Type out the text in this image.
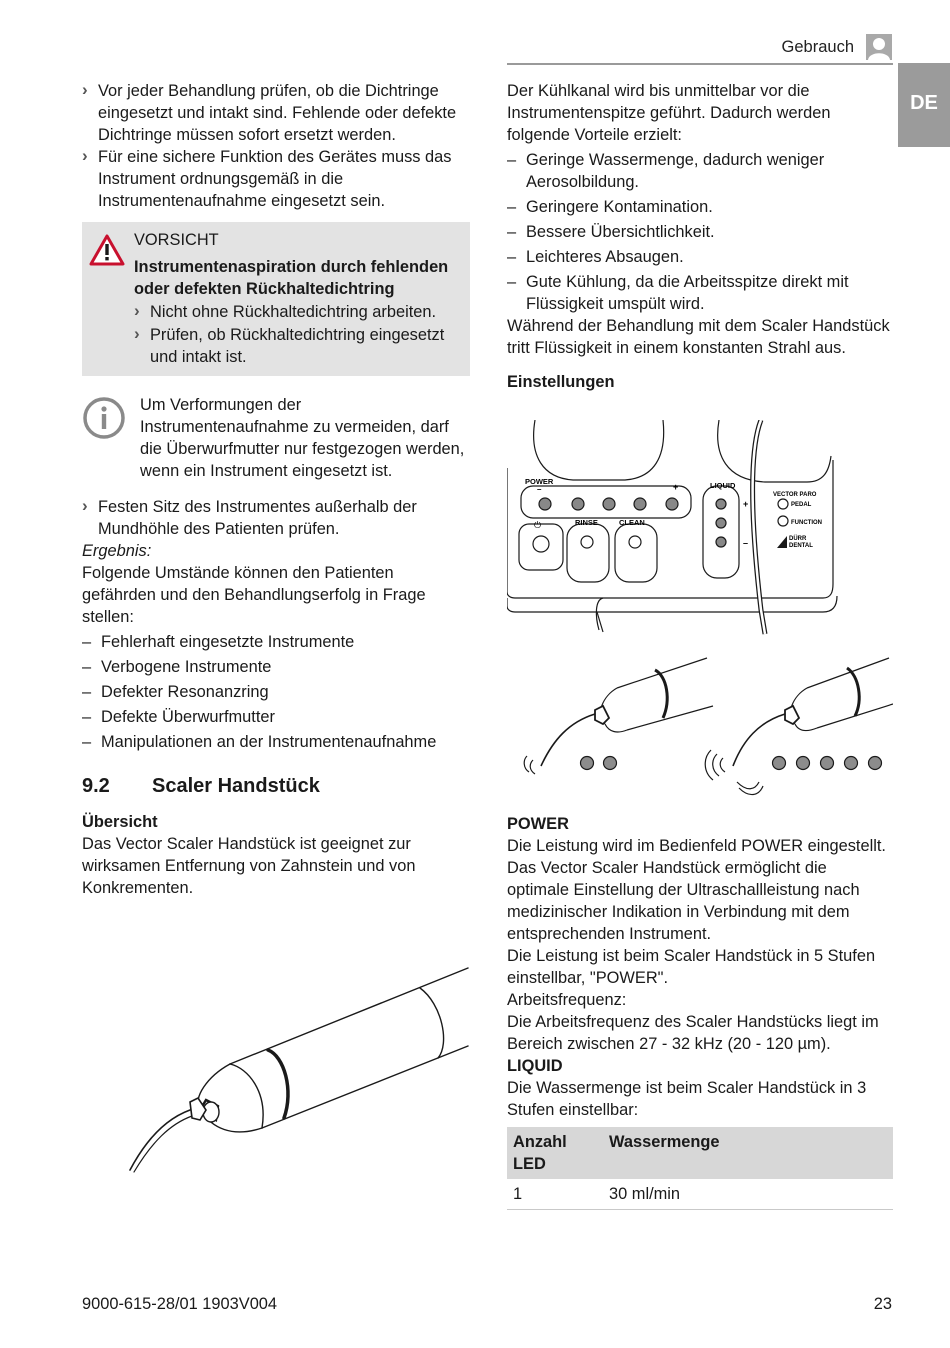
Gebrauch
DE

› Vor jeder Behandlung prüfen, ob die Dichtringe eingesetzt und intakt sind. Fehlende oder defekte Dichtringe müssen sofort ersetzt werden.

› Für eine sichere Funktion des Gerätes muss das Instrument ordnungsgemäß in die Instrumentenaufnahme eingesetzt sein.

VORSICHT
Instrumentenaspiration durch fehlenden oder defekten Rückhaltedichtring
› Nicht ohne Rückhaltedichtring arbeiten.
› Prüfen, ob Rückhaltedichtring eingesetzt und intakt ist.

Um Verformungen der Instrumentenaufnahme zu vermeiden, darf die Überwurfmutter nur festgezogen werden, wenn ein Instrument eingesetzt ist.

› Festen Sitz des Instrumentes außerhalb der Mundhöhle des Patienten prüfen.

Ergebnis:

Folgende Umstände können den Patienten gefährden und den Behandlungserfolg in Frage stellen:

– Fehlerhaft eingesetzte Instrumente

– Verbogene Instrumente

– Defekter Resonanzring

– Defekte Überwurfmutter

– Manipulationen an der Instrumentenaufnahme

9.2 Scaler Handstück

Übersicht

Das Vector Scaler Handstück ist geeignet zur wirksamen Entfernung von Zahnstein und von Konkrementen.

Der Kühlkanal wird bis unmittelbar vor die Instrumentenspitze geführt. Dadurch werden folgende Vorteile erzielt:

– Geringe Wassermenge, dadurch weniger Aerosolbildung.

– Geringere Kontamination.

– Bessere Übersichtlichkeit.

– Leichteres Absaugen.

– Gute Kühlung, da die Arbeitsspitze direkt mit Flüssigkeit umspült wird.

Während der Behandlung mit dem Scaler Handstück tritt Flüssigkeit in einem konstanten Strahl aus.

Einstellungen

POWER
–	+	LIQUID
+
–
RINSE	CLEAN
⏻
VECTOR PARO
PEDAL
FUNCTION
DÜRR
DENTAL

POWER

Die Leistung wird im Bedienfeld POWER eingestellt.

Das Vector Scaler Handstück ermöglicht die optimale Einstellung der Ultraschallleistung nach medizinischer Indikation in Verbindung mit dem entsprechenden Instrument.

Die Leistung ist beim Scaler Handstück in 5 Stufen einstellbar, "POWER".

Arbeitsfrequenz:

Die Arbeitsfrequenz des Scaler Handstücks liegt im Bereich zwischen 27 - 32 kHz (20 - 120 µm).

LIQUID

Die Wassermenge ist beim Scaler Handstück in 3 Stufen einstellbar:

Anzahl LED	Wassermenge
1	30 ml/min
9000-615-28/01 1903V004	23
